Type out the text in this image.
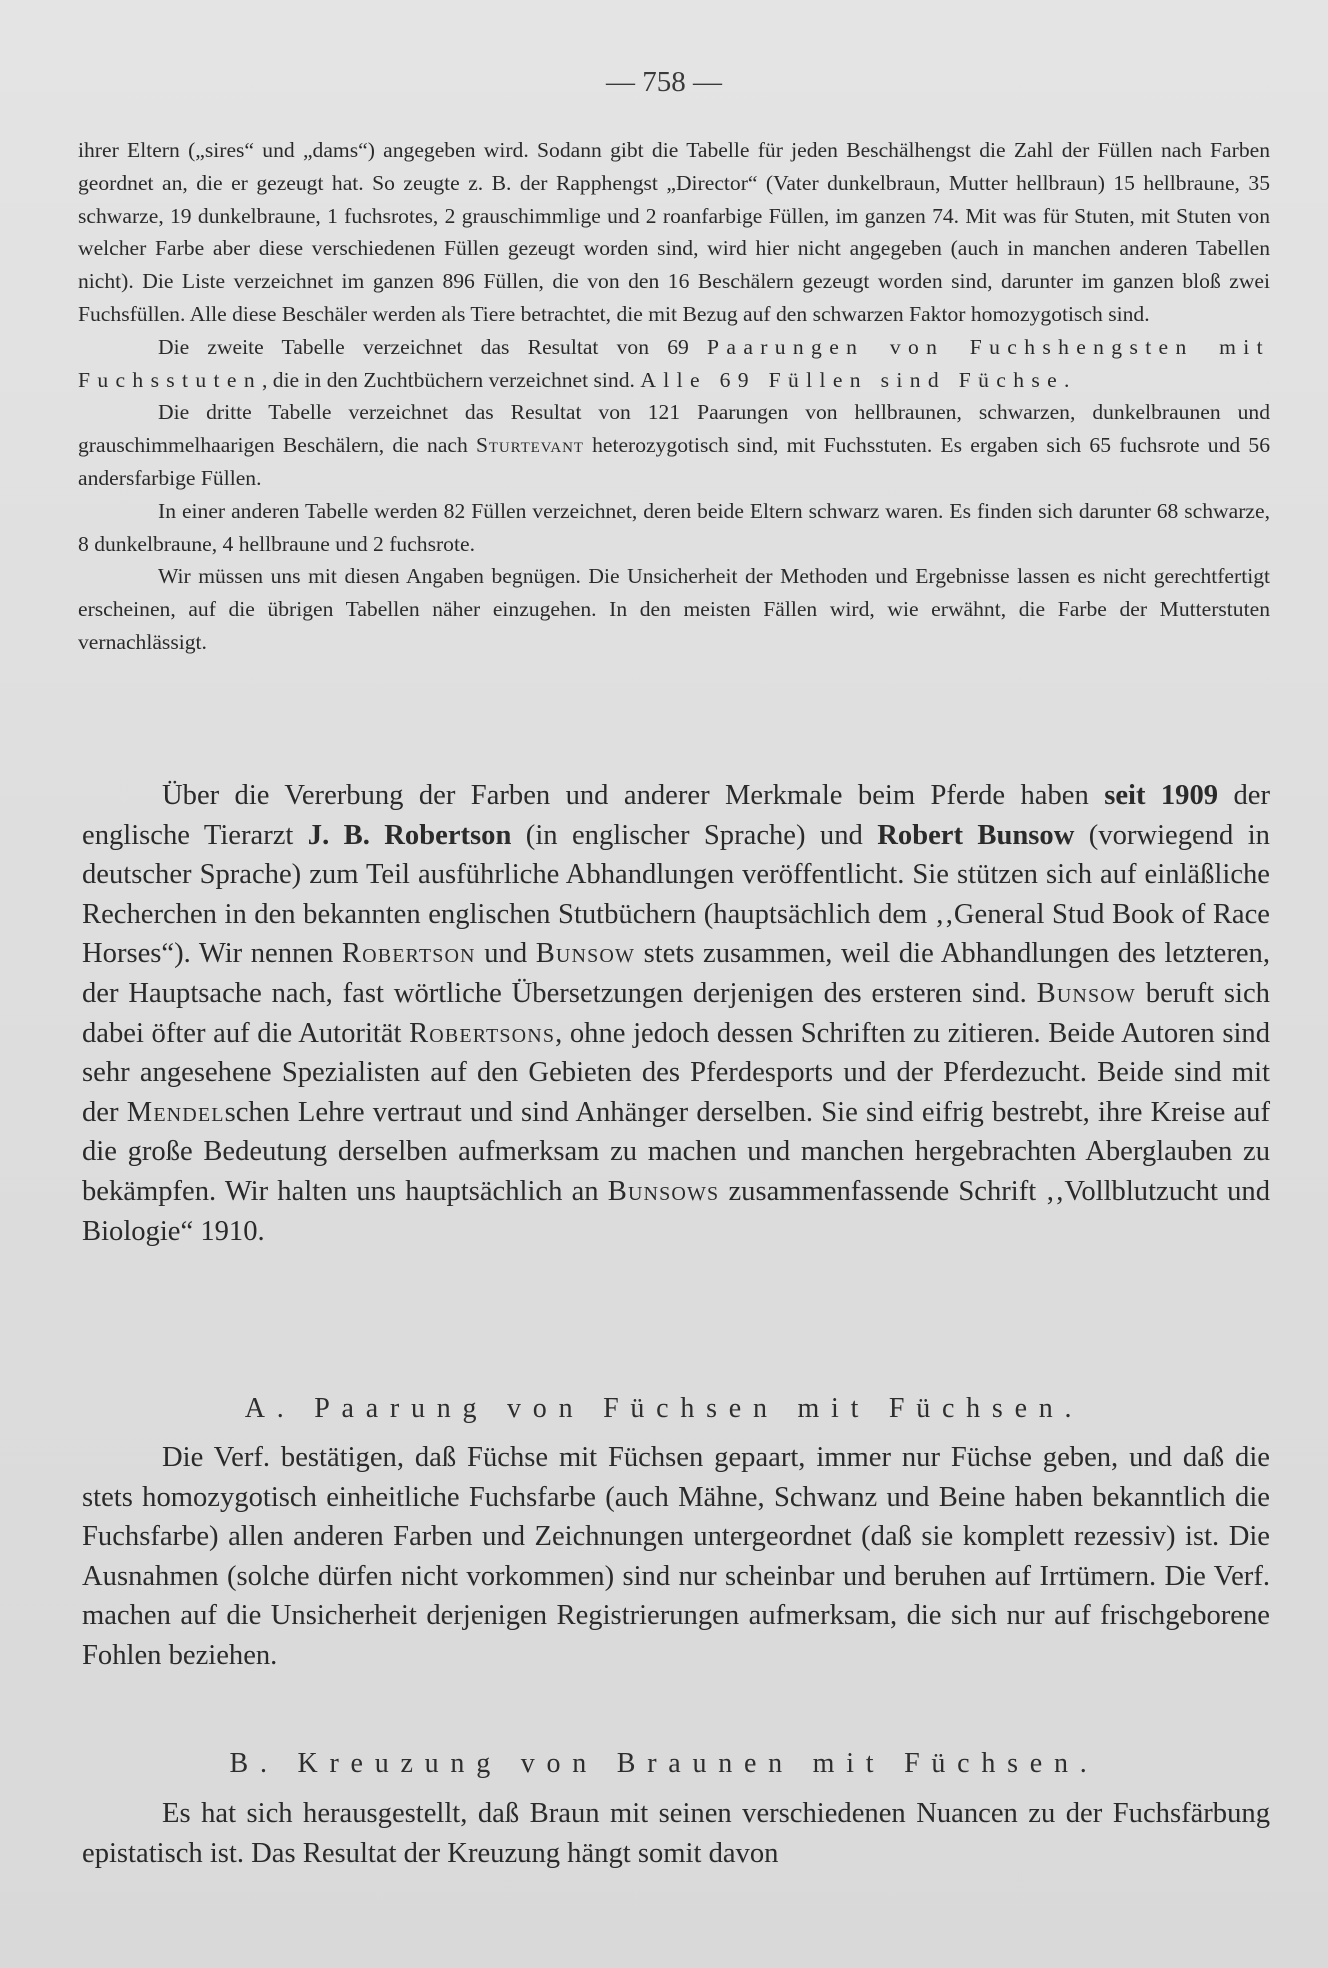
— 758 —

ihrer Eltern („sires“ und „dams“) angegeben wird. Sodann gibt die Tabelle für jeden Beschälhengst die Zahl der Füllen nach Farben geordnet an, die er gezeugt hat. So zeugte z. B. der Rapphengst „Director“ (Vater dunkelbraun, Mutter hellbraun) 15 hellbraune, 35 schwarze, 19 dunkelbraune, 1 fuchsrotes, 2 grauschimmlige und 2 roanfarbige Füllen, im ganzen 74. Mit was für Stuten, mit Stuten von welcher Farbe aber diese verschiedenen Füllen gezeugt worden sind, wird hier nicht angegeben (auch in manchen anderen Tabellen nicht). Die Liste verzeichnet im ganzen 896 Füllen, die von den 16 Beschälern gezeugt worden sind, darunter im ganzen bloß zwei Fuchsfüllen. Alle diese Beschäler werden als Tiere betrachtet, die mit Bezug auf den schwarzen Faktor homozygotisch sind.

Die zweite Tabelle verzeichnet das Resultat von 69 Paarungen von Fuchshengsten mit Fuchsstuten, die in den Zuchtbüchern verzeichnet sind. Alle 69 Füllen sind Füchse.

Die dritte Tabelle verzeichnet das Resultat von 121 Paarungen von hellbraunen, schwarzen, dunkelbraunen und grauschimmelhaarigen Beschälern, die nach Sturtevant heterozygotisch sind, mit Fuchsstuten. Es ergaben sich 65 fuchsrote und 56 andersfarbige Füllen.

In einer anderen Tabelle werden 82 Füllen verzeichnet, deren beide Eltern schwarz waren. Es finden sich darunter 68 schwarze, 8 dunkelbraune, 4 hellbraune und 2 fuchsrote.

Wir müssen uns mit diesen Angaben begnügen. Die Unsicherheit der Methoden und Ergebnisse lassen es nicht gerechtfertigt erscheinen, auf die übrigen Tabellen näher einzugehen. In den meisten Fällen wird, wie erwähnt, die Farbe der Mutterstuten vernachlässigt.

Über die Vererbung der Farben und anderer Merkmale beim Pferde haben seit 1909 der englische Tierarzt J. B. Robertson (in englischer Sprache) und Robert Bunsow (vorwiegend in deutscher Sprache) zum Teil ausführliche Abhandlungen veröffentlicht. Sie stützen sich auf einläßliche Recherchen in den bekannten englischen Stutbüchern (hauptsächlich dem ‚‚General Stud Book of Race Horses“). Wir nennen Robertson und Bunsow stets zusammen, weil die Abhandlungen des letzteren, der Hauptsache nach, fast wörtliche Übersetzungen derjenigen des ersteren sind. Bunsow beruft sich dabei öfter auf die Autorität Robertsons, ohne jedoch dessen Schriften zu zitieren. Beide Autoren sind sehr angesehene Spezialisten auf den Gebieten des Pferdesports und der Pferdezucht. Beide sind mit der Mendelschen Lehre vertraut und sind Anhänger derselben. Sie sind eifrig bestrebt, ihre Kreise auf die große Bedeutung derselben aufmerksam zu machen und manchen hergebrachten Aberglauben zu bekämpfen. Wir halten uns hauptsächlich an Bunsows zusammenfassende Schrift ‚‚Vollblutzucht und Biologie“ 1910.

A. Paarung von Füchsen mit Füchsen.

Die Verf. bestätigen, daß Füchse mit Füchsen gepaart, immer nur Füchse geben, und daß die stets homozygotisch einheitliche Fuchsfarbe (auch Mähne, Schwanz und Beine haben bekanntlich die Fuchsfarbe) allen anderen Farben und Zeichnungen untergeordnet (daß sie komplett rezessiv) ist. Die Ausnahmen (solche dürfen nicht vorkommen) sind nur scheinbar und beruhen auf Irrtümern. Die Verf. machen auf die Unsicherheit derjenigen Registrierungen aufmerksam, die sich nur auf frischgeborene Fohlen beziehen.

B. Kreuzung von Braunen mit Füchsen.

Es hat sich herausgestellt, daß Braun mit seinen verschiedenen Nuancen zu der Fuchsfärbung epistatisch ist. Das Resultat der Kreuzung hängt somit davon
